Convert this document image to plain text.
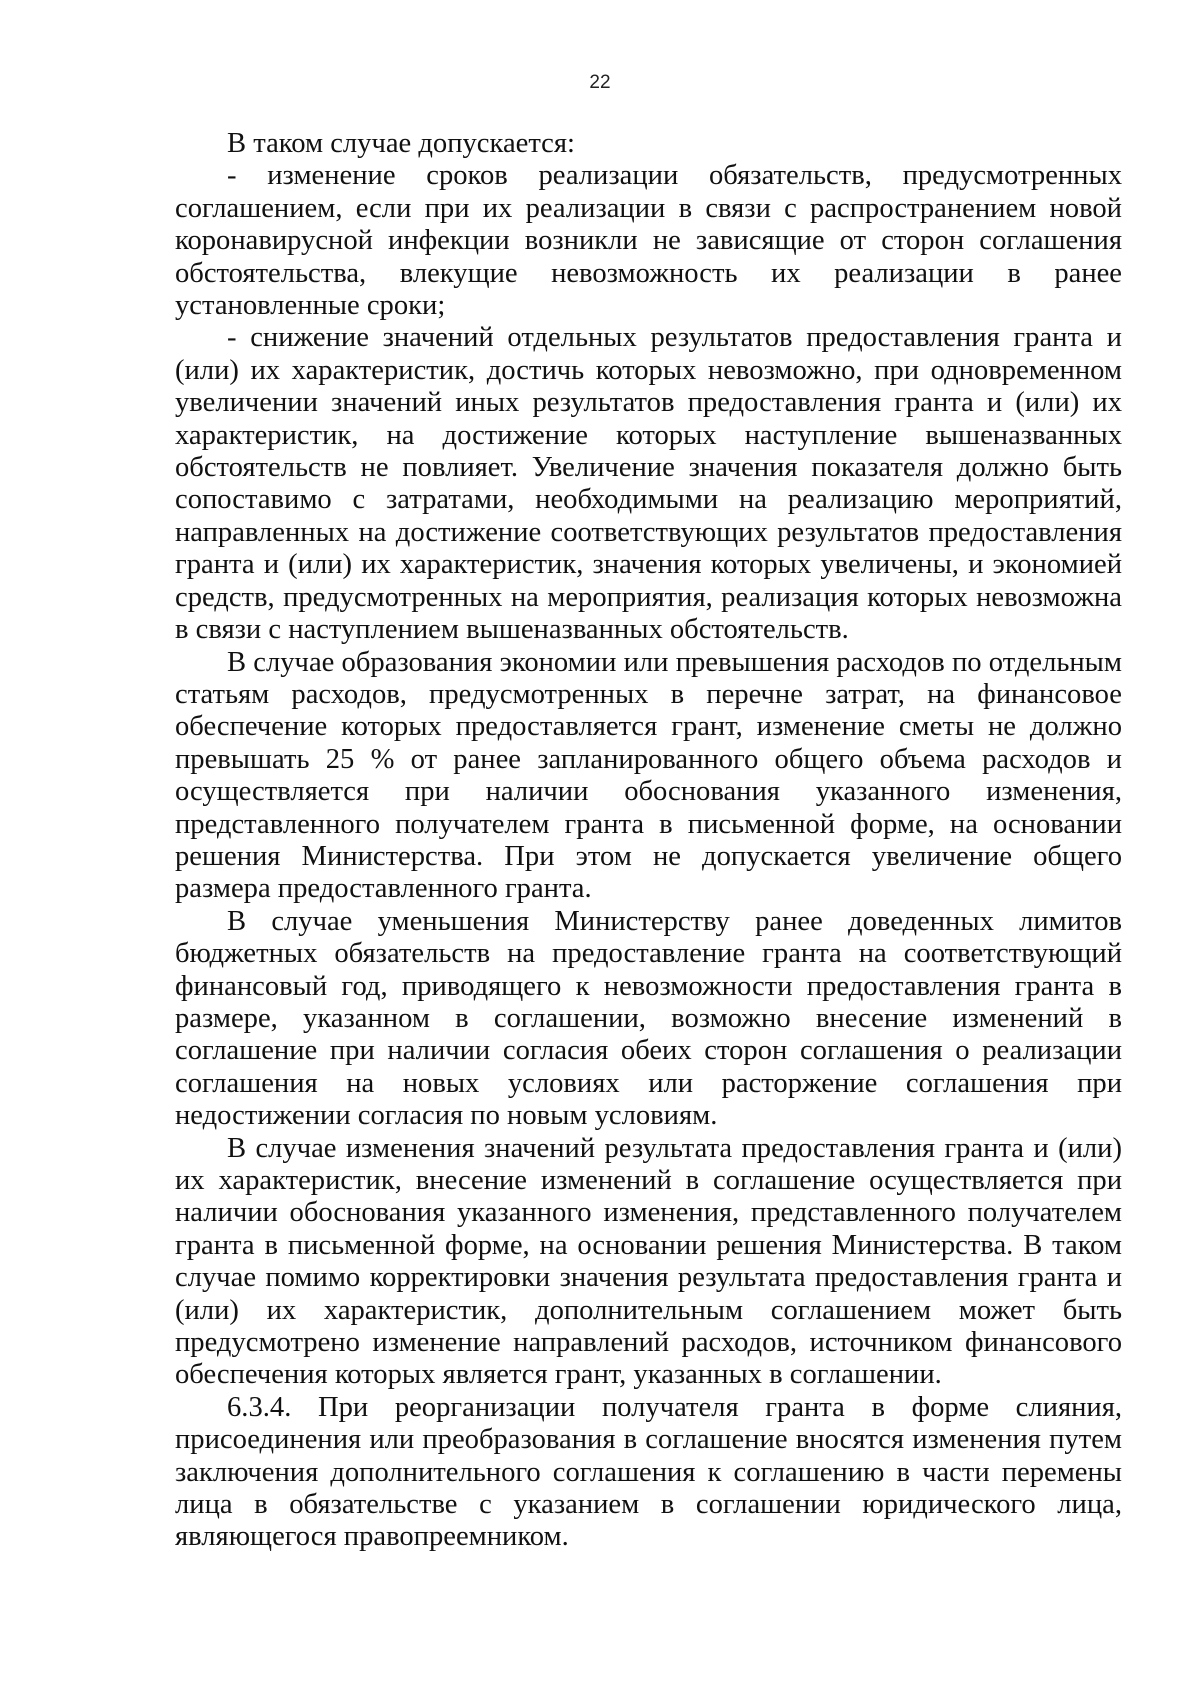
22

В таком случае допускается:

- изменение сроков реализации обязательств, предусмотренных соглашением, если при их реализации в связи с распространением новой коронавирусной инфекции возникли не зависящие от сторон соглашения обстоятельства, влекущие невозможность их реализации в ранее установленные сроки;

- снижение значений отдельных результатов предоставления гранта и (или) их характеристик, достичь которых невозможно, при одновременном увеличении значений иных результатов предоставления гранта и (или) их характеристик, на достижение которых наступление вышеназванных обстоятельств не повлияет. Увеличение значения показателя должно быть сопоставимо с затратами, необходимыми на реализацию мероприятий, направленных на достижение соответствующих результатов предоставления гранта и (или) их характеристик, значения которых увеличены, и экономией средств, предусмотренных на мероприятия, реализация которых невозможна в связи с наступлением вышеназванных обстоятельств.

В случае образования экономии или превышения расходов по отдельным статьям расходов, предусмотренных в перечне затрат, на финансовое обеспечение которых предоставляется грант, изменение сметы не должно превышать 25 % от ранее запланированного общего объема расходов и осуществляется при наличии обоснования указанного изменения, представленного получателем гранта в письменной форме, на основании решения Министерства. При этом не допускается увеличение общего размера предоставленного гранта.

В случае уменьшения Министерству ранее доведенных лимитов бюджетных обязательств на предоставление гранта на соответствующий финансовый год, приводящего к невозможности предоставления гранта в размере, указанном в соглашении, возможно внесение изменений в соглашение при наличии согласия обеих сторон соглашения о реализации соглашения на новых условиях или расторжение соглашения при недостижении согласия по новым условиям.

В случае изменения значений результата предоставления гранта и (или) их характеристик, внесение изменений в соглашение осуществляется при наличии обоснования указанного изменения, представленного получателем гранта в письменной форме, на основании решения Министерства. В таком случае помимо корректировки значения результата предоставления гранта и (или) их характеристик, дополнительным соглашением может быть предусмотрено изменение направлений расходов, источником финансового обеспечения которых является грант, указанных в соглашении.

6.3.4. При реорганизации получателя гранта в форме слияния, присоединения или преобразования в соглашение вносятся изменения путем заключения дополнительного соглашения к соглашению в части перемены лица в обязательстве с указанием в соглашении юридического лица, являющегося правопреемником.
